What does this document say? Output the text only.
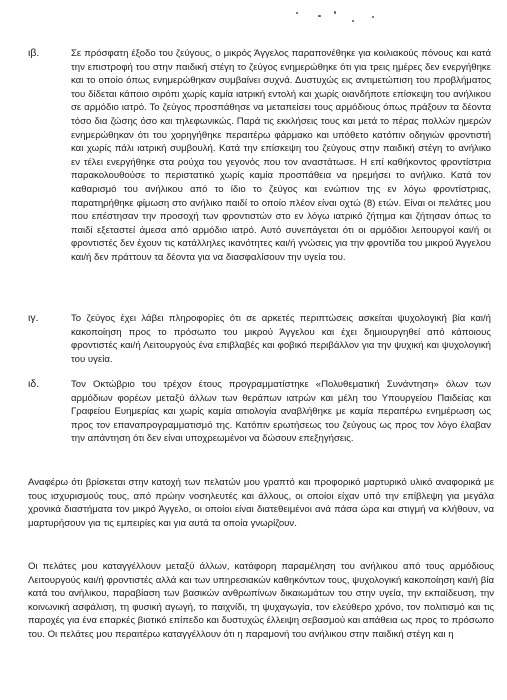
ιβ.	Σε πρόσφατη έξοδο του ζεύγους, ο μικρός Άγγελος παραπονέθηκε για κοιλιακούς πόνους και κατά την επιστροφή του στην παιδική στέγη το ζεύγος ενημερώθηκε ότι για τρεις ημέρες δεν ενεργήθηκε και το οποίο όπως ενημερώθηκαν συμβαίνει συχνά. Δυστυχώς εις αντιμετώπιση του προβλήματος του δίδεται κάποιο σιρόπι χωρίς καμία ιατρική εντολή και χωρίς οιανδήποτε επίσκεψη του ανήλικου σε αρμόδιο ιατρό. Το ζεύγος προσπάθησε να μεταπείσει τους αρμόδιους όπως πράξουν τα δέοντα τόσο δια ζώσης όσο και τηλεφωνικώς. Παρά τις εκκλήσεις τους και μετά το πέρας πολλών ημερών ενημερώθηκαν ότι του χορηγήθηκε περαιτέρω φάρμακο και υπόθετο κατόπιν οδηγιών φροντιστή και χωρίς πάλι ιατρική συμβουλή. Κατά την επίσκεψη του ζεύγους στην παιδική στέγη το ανήλικο εν τέλει ενεργήθηκε στα ρούχα του γεγονός που τον αναστάτωσε. Η επί καθήκοντος φροντίστρια παρακολουθούσε το περιστατικό χωρίς καμία προσπάθεια να ηρεμήσει το ανήλικο. Κατά τον καθαρισμό του ανήλικου από το ίδιο το ζεύγος και ενώπιον της εν λόγω φροντίστριας, παρατηρήθηκε φίμωση στο ανήλικο παιδί το οποίο πλέον είναι οχτώ (8) ετών. Είναι οι πελάτες μου που επέστησαν την προσοχή των φροντιστών στο εν λόγω ιατρικό ζήτημα και ζήτησαν όπως το παιδί εξεταστεί άμεσα από αρμόδιο ιατρό. Αυτό συνεπάγεται ότι οι αρμόδιοι λειτουργοί και/ή οι φροντιστές δεν έχουν τις κατάλληλες ικανότητες και/ή γνώσεις για την φροντίδα του μικρού Άγγελου και/ή δεν πράττουν τα δέοντα για να διασφαλίσουν την υγεία του.
ιγ.	Το ζεύγος έχει λάβει πληροφορίες ότι σε αρκετές περιπτώσεις ασκείται ψυχολογική βία και/ή κακοποίηση προς το πρόσωπο του μικρού Άγγελου και έχει δημιουργηθεί από κάποιους φροντιστές και/ή Λειτουργούς ένα επιβλαβές και φοβικό περιβάλλον για την ψυχική και ψυχολογική του υγεία.
ιδ.	Τον Οκτώβριο του τρέχον έτους προγραμματίστηκε «Πολυθεματική Συνάντηση» όλων των αρμόδιων φορέων μεταξύ άλλων των θεράπων ιατρών και μέλη του Υπουργείου Παιδείας και Γραφείου Ευημερίας και χωρίς καμία αιτιολογία αναβλήθηκε με καμία περαιτέρω ενημέρωση ως προς τον επαναπρογραμματισμό της. Κατόπιν ερωτήσεως του ζεύγους ως προς τον λόγο έλαβαν την απάντηση ότι δεν είναι υποχρεωμένοι να δώσουν επεξηγήσεις.
Αναφέρω ότι βρίσκεται στην κατοχή των πελατών μου γραπτό και προφορικό μαρτυρικό υλικό αναφορικά με τους ισχυρισμούς τους, από πρώην νοσηλευτές και άλλους, οι οποίοι είχαν υπό την επίβλεψη για μεγάλα χρονικά διαστήματα τον μικρό Άγγελο, οι οποίοι είναι διατεθειμένοι ανά πάσα ώρα και στιγμή να κλήθουν, να μαρτυρήσουν για τις εμπειρίες και για αυτά τα οποία γνωρίζουν.
Οι πελάτες μου καταγγέλλουν μεταξύ άλλων, κατάφορη παραμέληση του ανήλικου από τους αρμόδιους Λειτουργούς και/ή φροντιστές αλλά και των υπηρεσιακών καθηκόντων τους, ψυχολογική κακοποίηση και/ή βία κατά του ανήλικου, παραβίαση των βασικών ανθρωπίνων δικαιωμάτων του στην υγεία, την εκπαίδευση, την κοινωνική ασφάλιση, τη φυσική αγωγή, το παιχνίδι, τη ψυχαγωγία, τον ελεύθερο χρόνο, τον πολιτισμό και τις παροχές για ένα επαρκές βιοτικό επίπεδο και δυστυχώς έλλειψη σεβασμού και απάθεια ως προς το πρόσωπο του. Οι πελάτες μου περαιτέρω καταγγέλλουν ότι η παραμονή του ανήλικου στην παιδική στέγη και η
